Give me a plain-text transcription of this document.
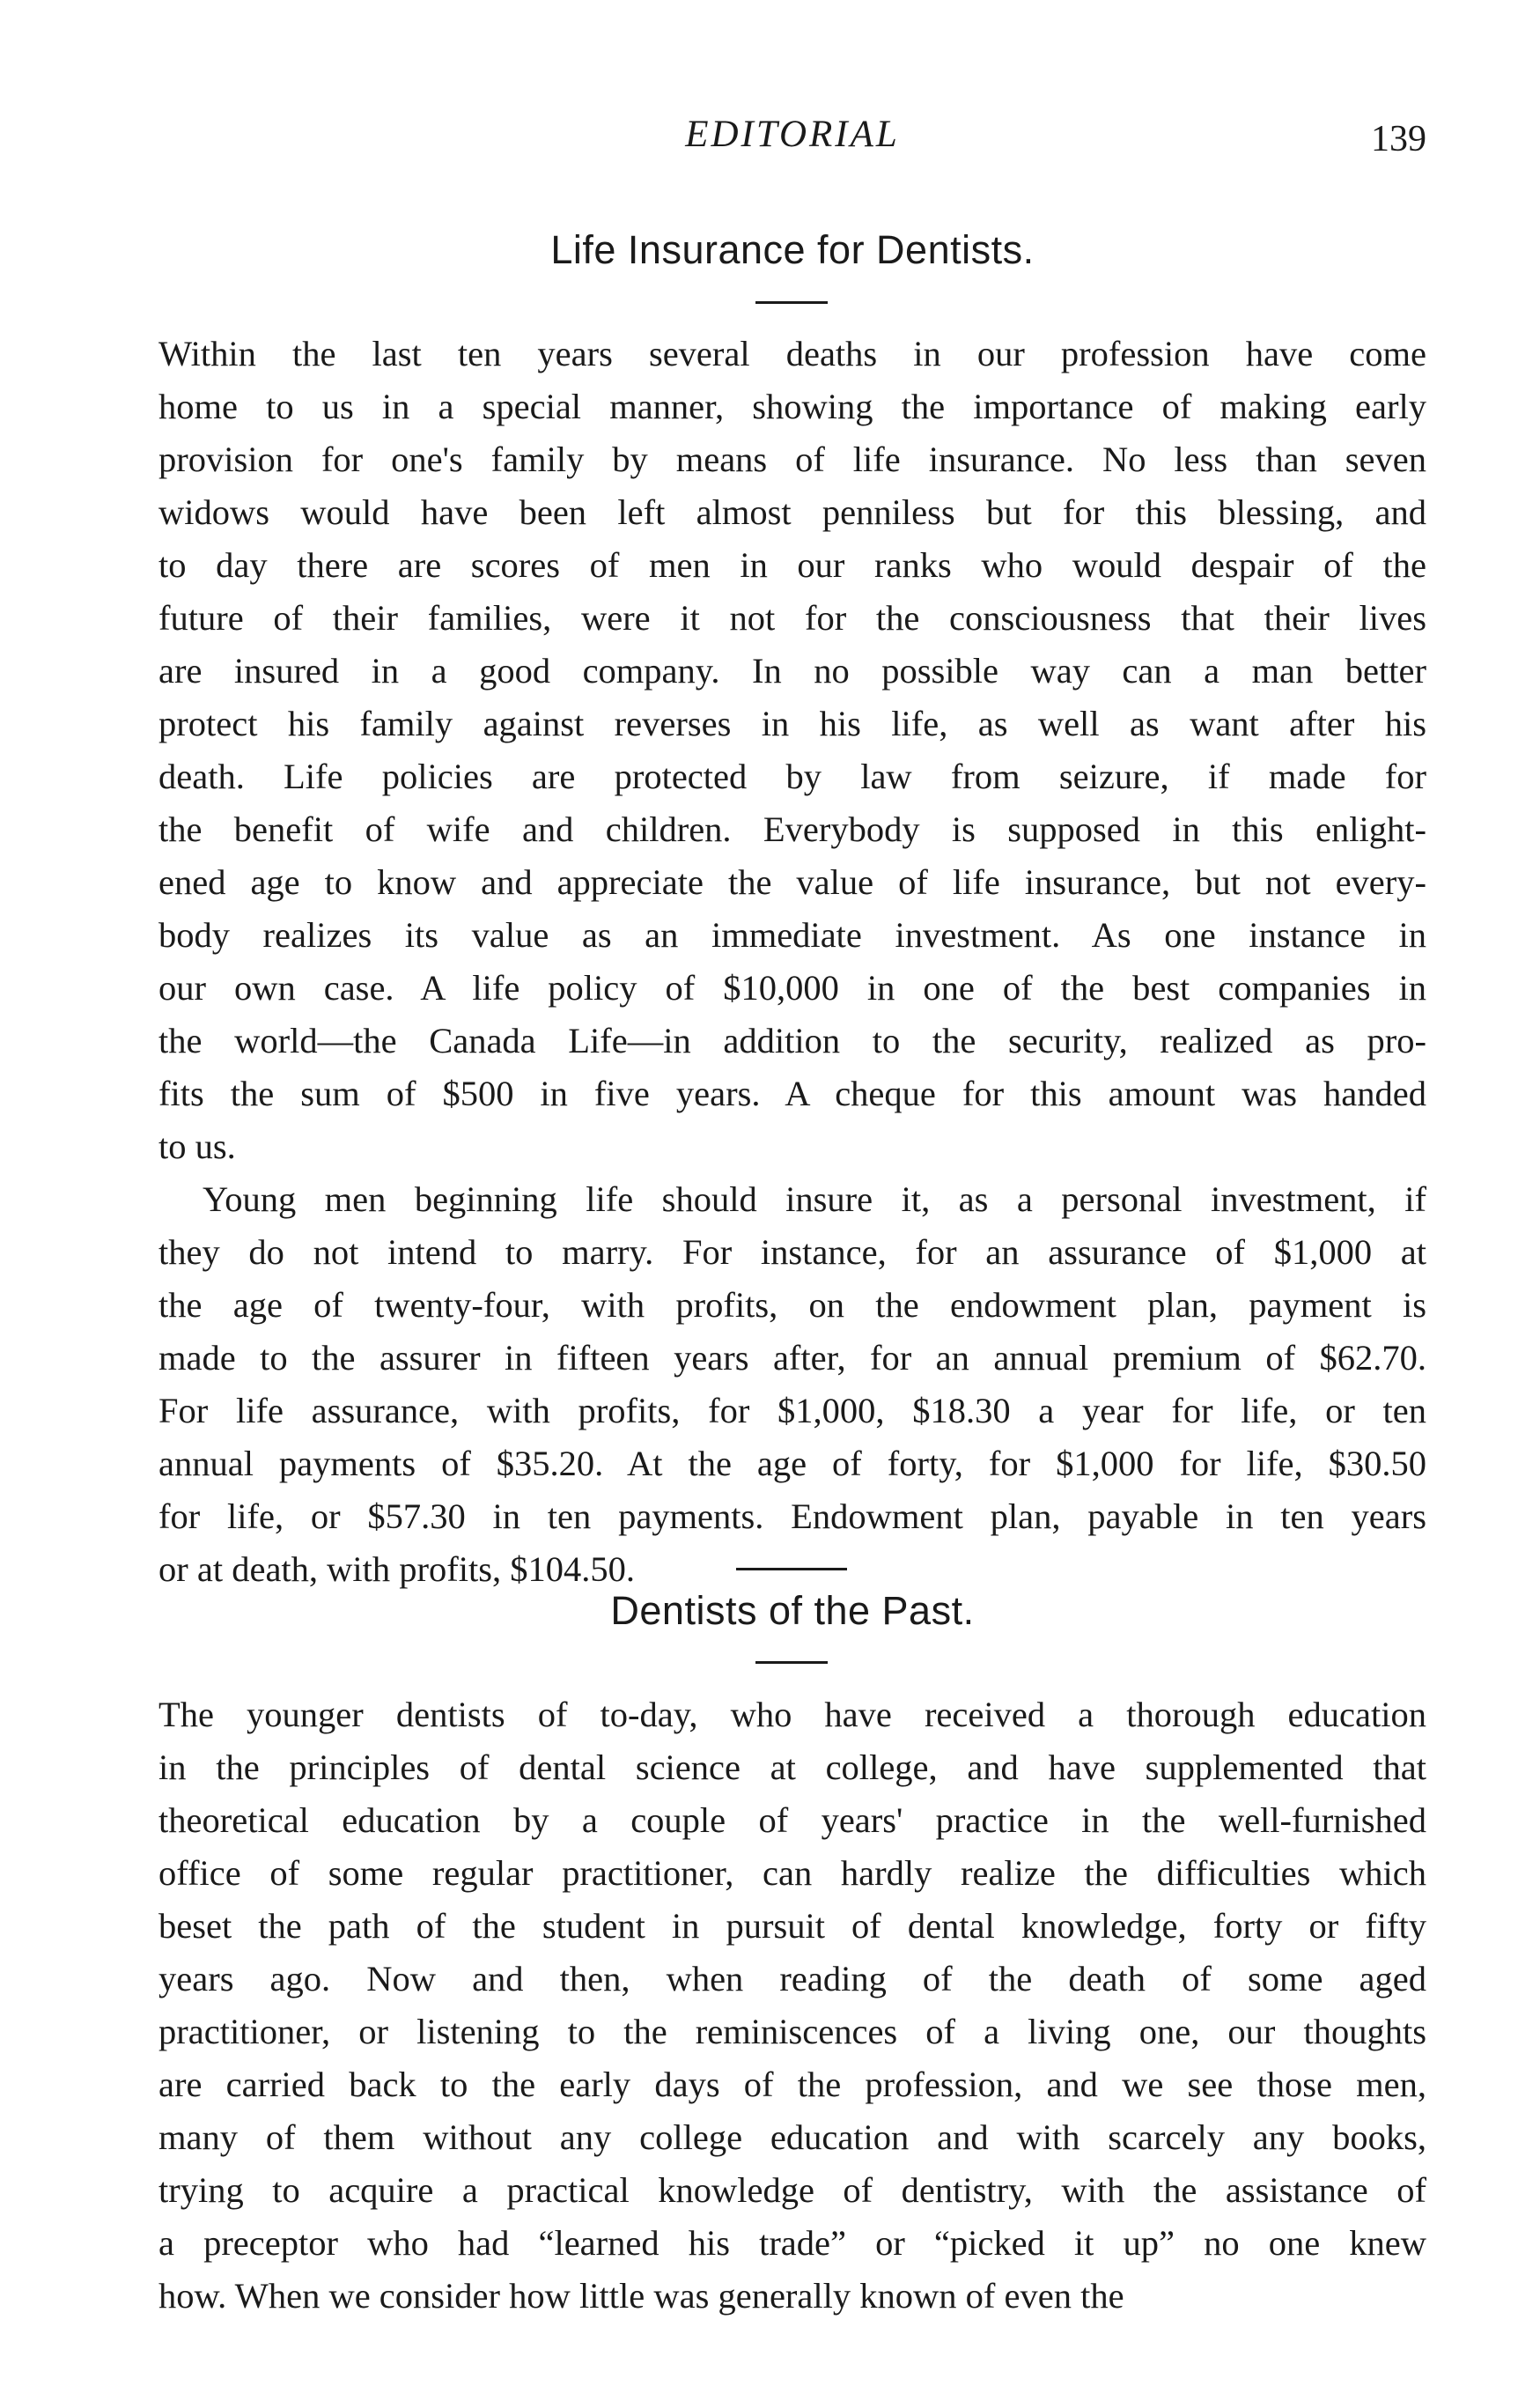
EDITORIAL	139
Life Insurance for Dentists.
Within the last ten years several deaths in our profession have come
home to us in a special manner, showing the importance of making early
provision for one's family by means of life insurance. No less than seven
widows would have been left almost penniless but for this blessing, and
to day there are scores of men in our ranks who would despair of the
future of their families, were it not for the consciousness that their lives
are insured in a good company. In no possible way can a man better
protect his family against reverses in his life, as well as want after his
death. Life policies are protected by law from seizure, if made for
the benefit of wife and children. Everybody is supposed in this enlight-
ened age to know and appreciate the value of life insurance, but not every-
body realizes its value as an immediate investment. As one instance in
our own case. A life policy of $10,000 in one of the best companies in
the world—the Canada Life—in addition to the security, realized as pro-
fits the sum of $500 in five years. A cheque for this amount was handed
to us.
Young men beginning life should insure it, as a personal investment, if
they do not intend to marry. For instance, for an assurance of $1,000 at
the age of twenty-four, with profits, on the endowment plan, payment is
made to the assurer in fifteen years after, for an annual premium of $62.70.
For life assurance, with profits, for $1,000, $18.30 a year for life, or ten
annual payments of $35.20. At the age of forty, for $1,000 for life, $30.50
for life, or $57.30 in ten payments. Endowment plan, payable in ten years
or at death, with profits, $104.50.
Dentists of the Past.
The younger dentists of to-day, who have received a thorough education
in the principles of dental science at college, and have supplemented that
theoretical education by a couple of years' practice in the well-furnished
office of some regular practitioner, can hardly realize the difficulties which
beset the path of the student in pursuit of dental knowledge, forty or fifty
years ago. Now and then, when reading of the death of some aged
practitioner, or listening to the reminiscences of a living one, our thoughts
are carried back to the early days of the profession, and we see those men,
many of them without any college education and with scarcely any books,
trying to acquire a practical knowledge of dentistry, with the assistance of
a preceptor who had “learned his trade” or “picked it up” no one knew
how. When we consider how little was generally known of even the
